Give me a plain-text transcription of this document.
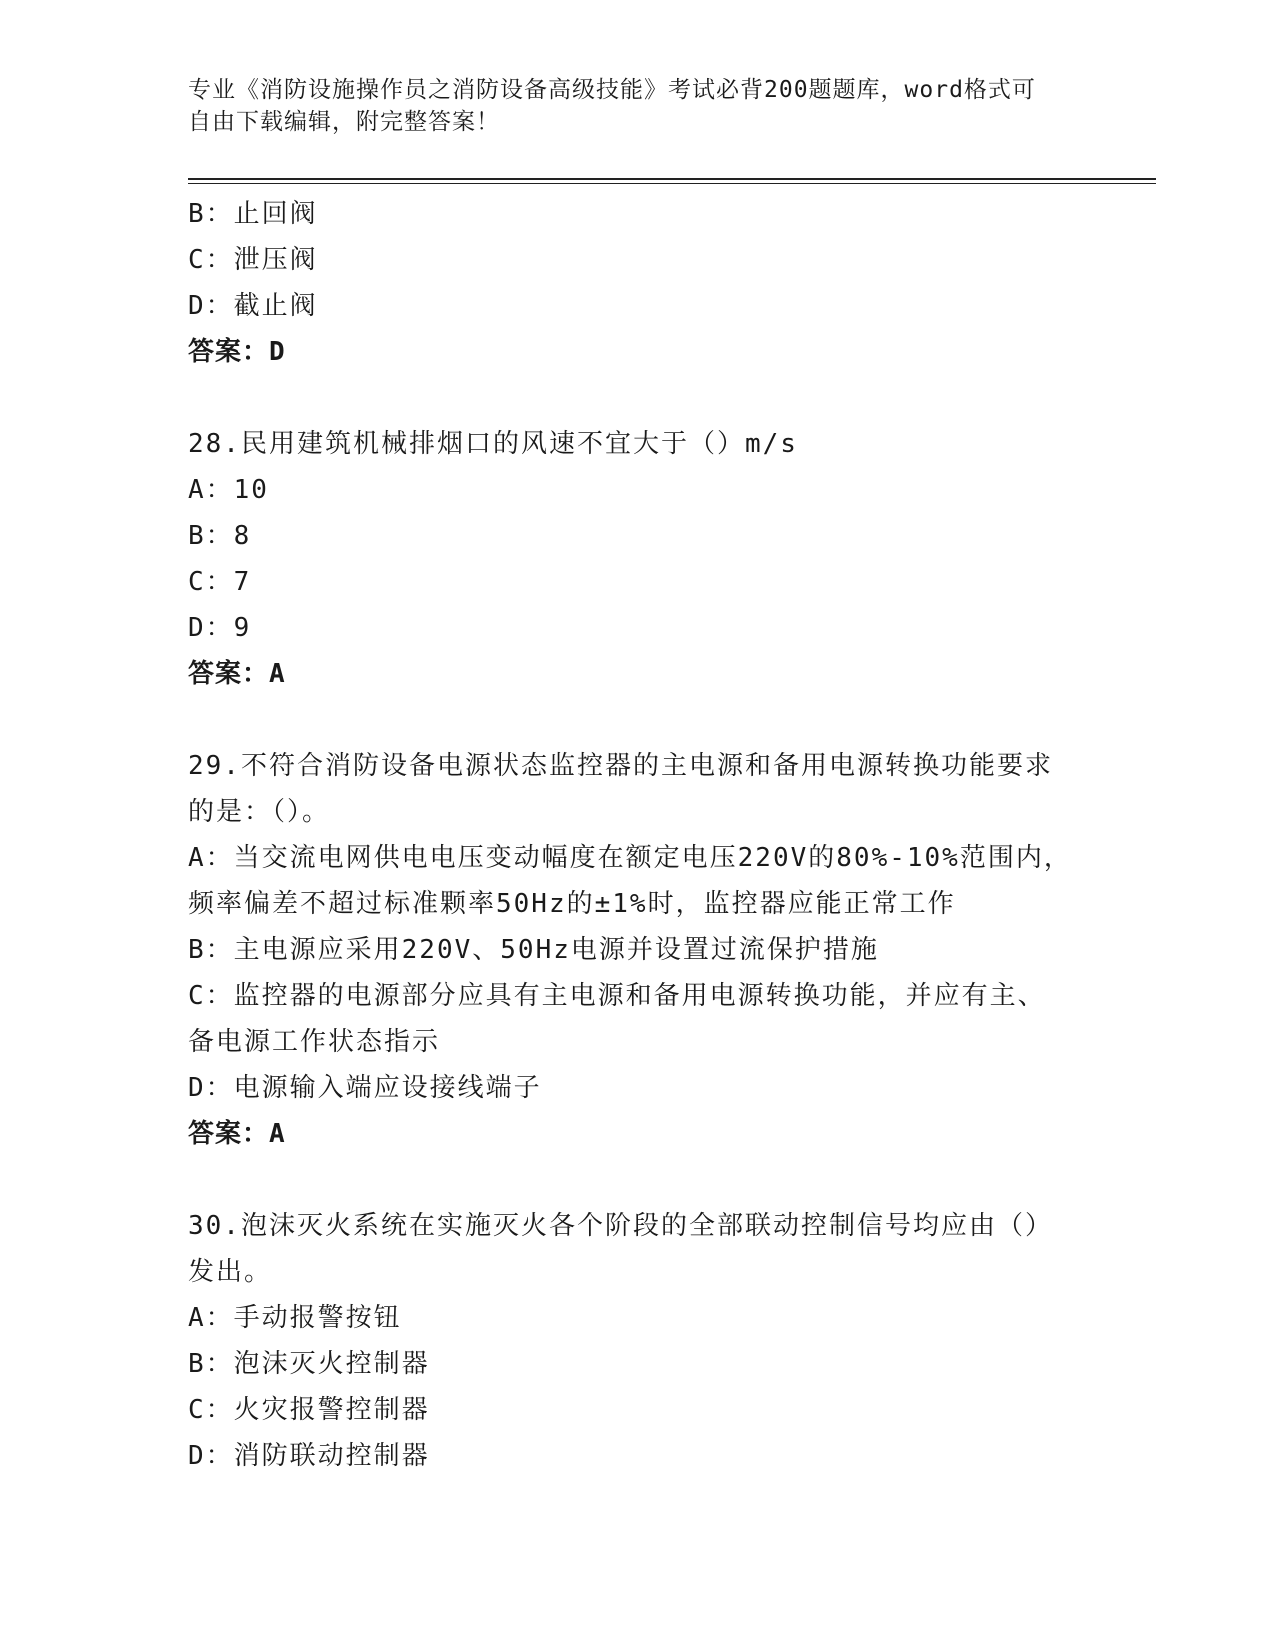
专业《消防设施操作员之消防设备高级技能》考试必背200题题库，word格式可
自由下载编辑，附完整答案！
B：止回阀
C：泄压阀
D：截止阀
答案：D
28.民用建筑机械排烟口的风速不宜大于（）m/s
A：10
B：8
C：7
D：9
答案：A
29.不符合消防设备电源状态监控器的主电源和备用电源转换功能要求
的是：（）。
A：当交流电网供电电压变动幅度在额定电压220V的80%-10%范围内，
频率偏差不超过标准颗率50Hz的±1%时，监控器应能正常工作
B：主电源应采用220V、50Hz电源并设置过流保护措施
C：监控器的电源部分应具有主电源和备用电源转换功能，并应有主、
备电源工作状态指示
D：电源输入端应设接线端子
答案：A
30.泡沫灭火系统在实施灭火各个阶段的全部联动控制信号均应由（）
发出。
A：手动报警按钮
B：泡沫灭火控制器
C：火灾报警控制器
D：消防联动控制器
